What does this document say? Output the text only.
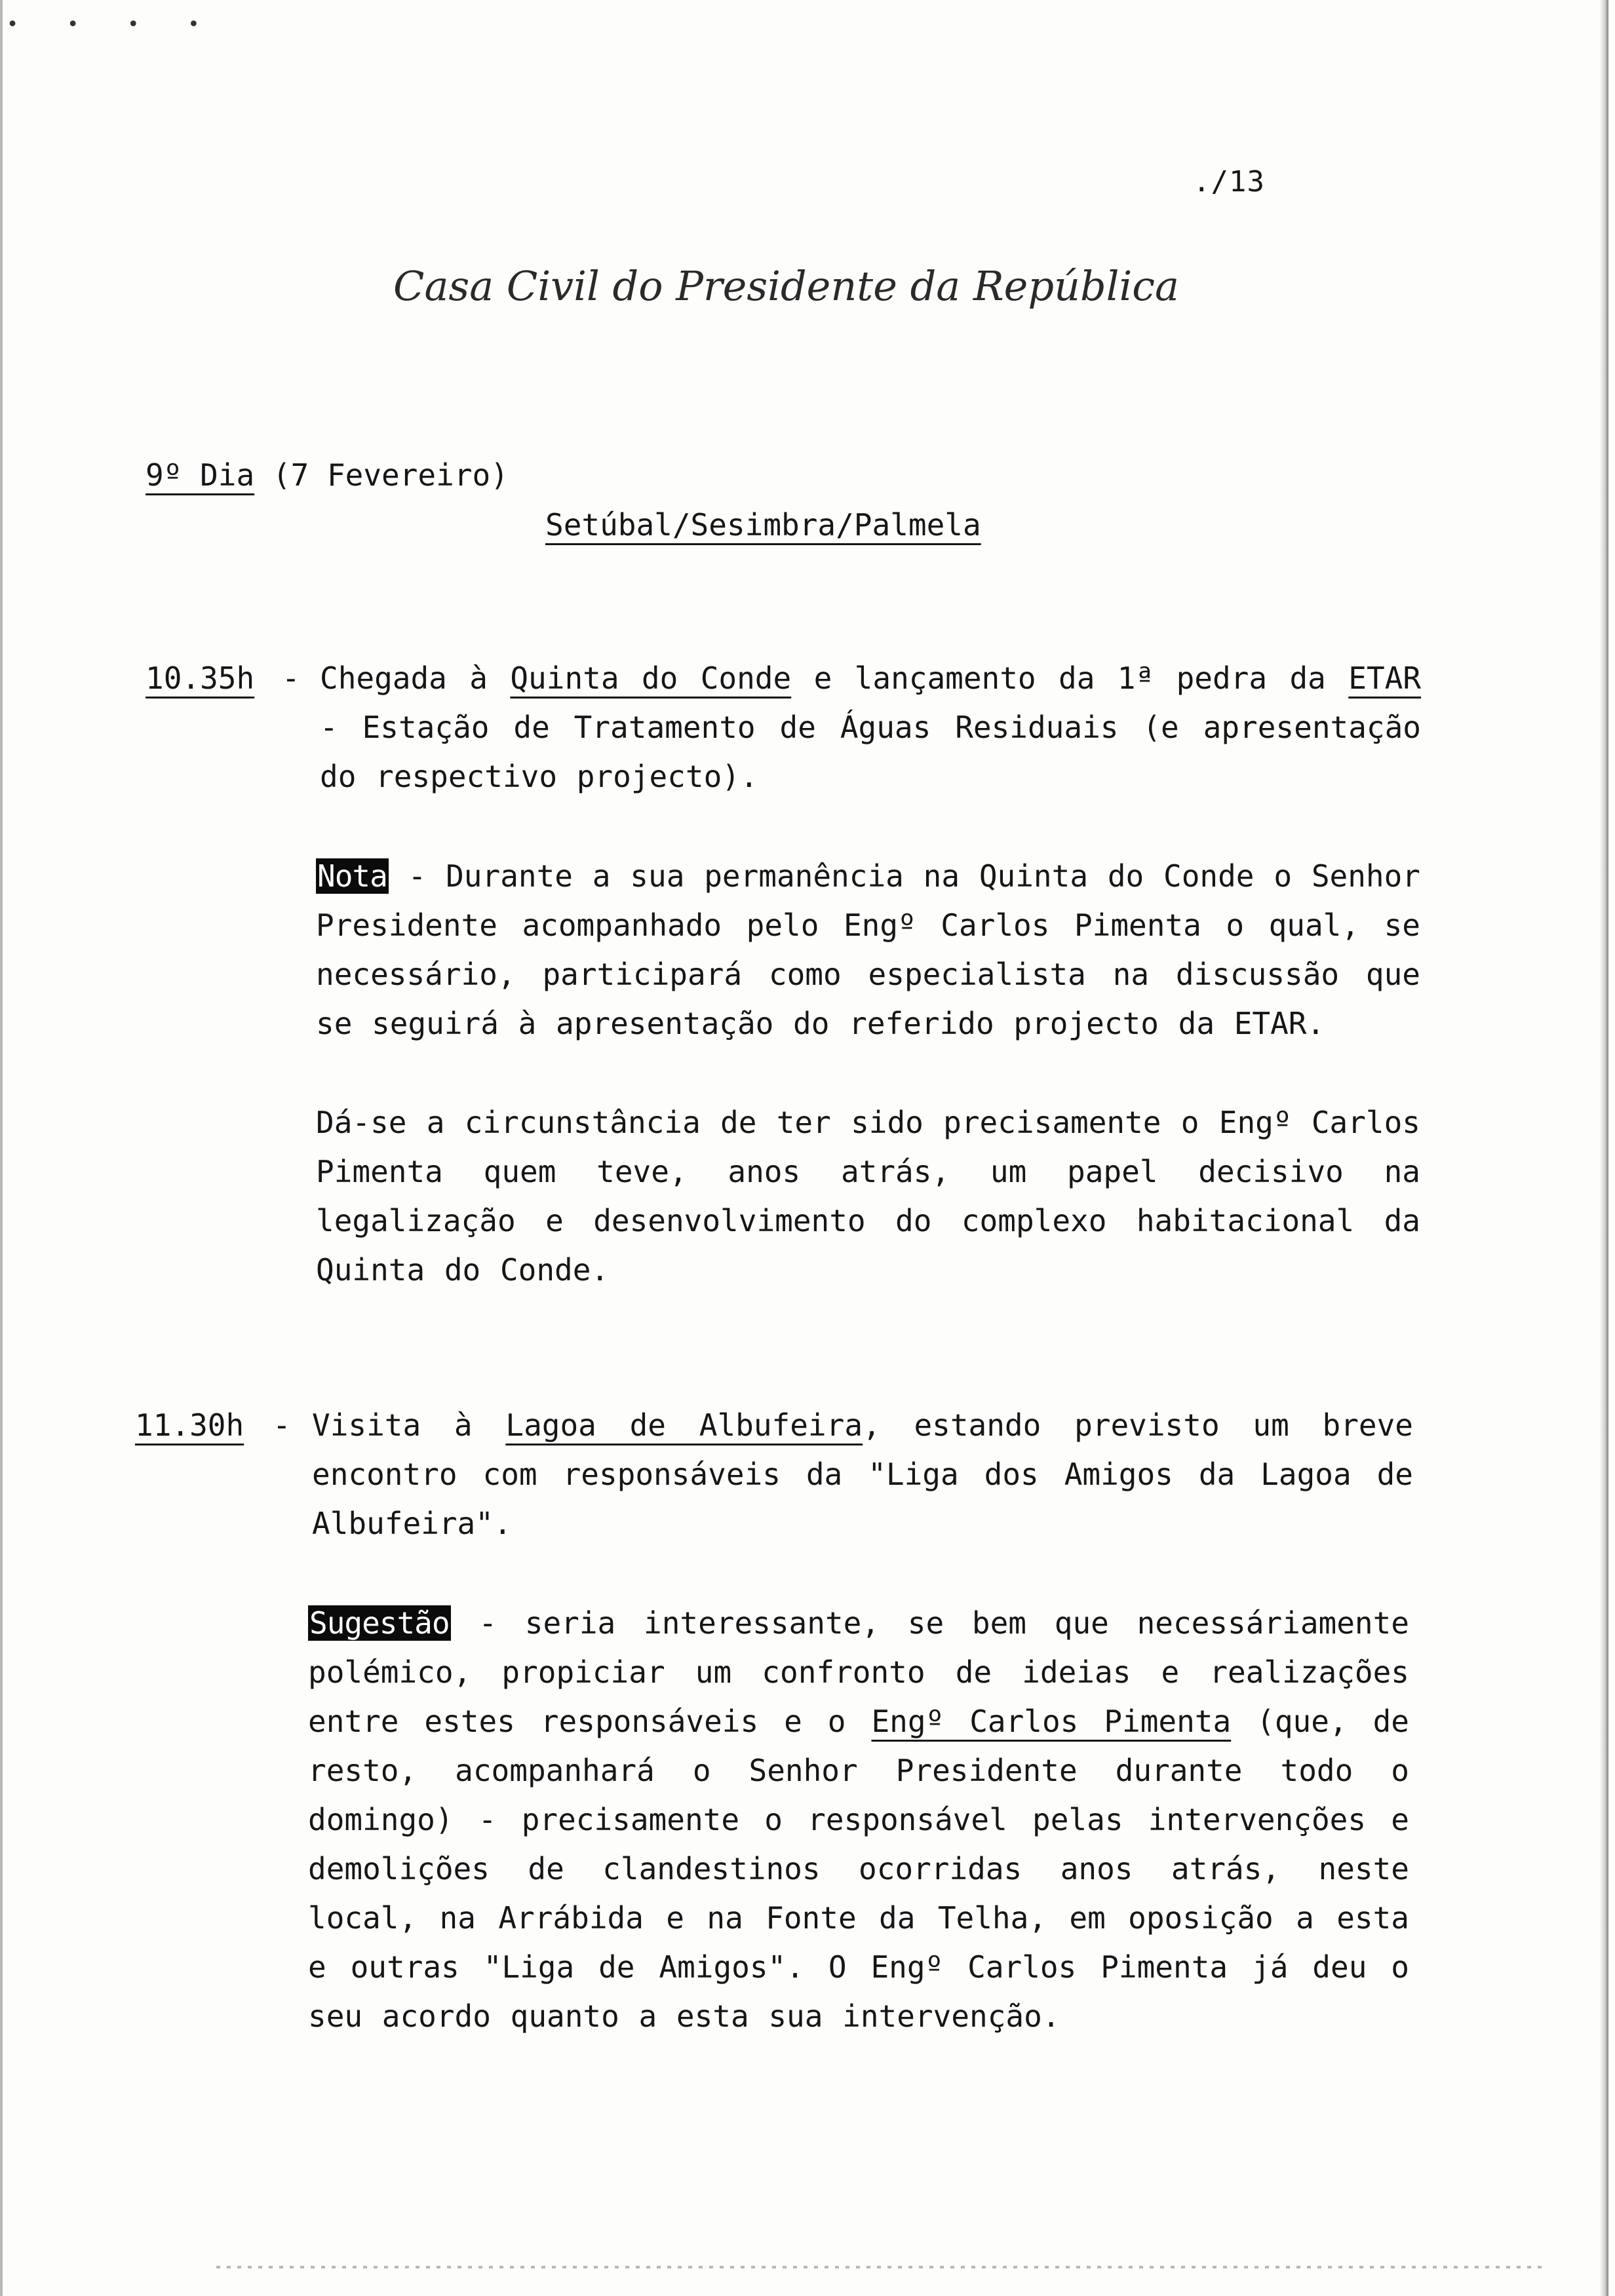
• • • •
./13
Casa Civil do Presidente da República
9º Dia (7 Fevereiro)
Setúbal/Sesimbra/Palmela
10.35h - Chegada à Quinta do Conde e lançamento da 1ª pedra da ETAR - Estação de Tratamento de Águas Residuais (e apresentação do respectivo projecto).
Nota - Durante a sua permanência na Quinta do Conde o Senhor Presidente acompanhado pelo Engº Carlos Pimenta o qual, se necessário, participará como especialista na discussão que se seguirá à apresentação do referido projecto da ETAR.
Dá-se a circunstância de ter sido precisamente o Engº Carlos Pimenta quem teve, anos atrás, um papel decisivo na legalização e desenvolvimento do complexo habitacional da Quinta do Conde.
11.30h - Visita à Lagoa de Albufeira, estando previsto um breve encontro com responsáveis da "Liga dos Amigos da Lagoa de Albufeira".
Sugestão - seria interessante, se bem que necessáriamente polémico, propiciar um confronto de ideias e realizações entre estes responsáveis e o Engº Carlos Pimenta (que, de resto, acompanhará o Senhor Presidente durante todo o domingo) - precisamente o responsável pelas intervenções e demolições de clandestinos ocorridas anos atrás, neste local, na Arrábida e na Fonte da Telha, em oposição a esta e outras "Liga de Amigos". O Engº Carlos Pimenta já deu o seu acordo quanto a esta sua intervenção.
